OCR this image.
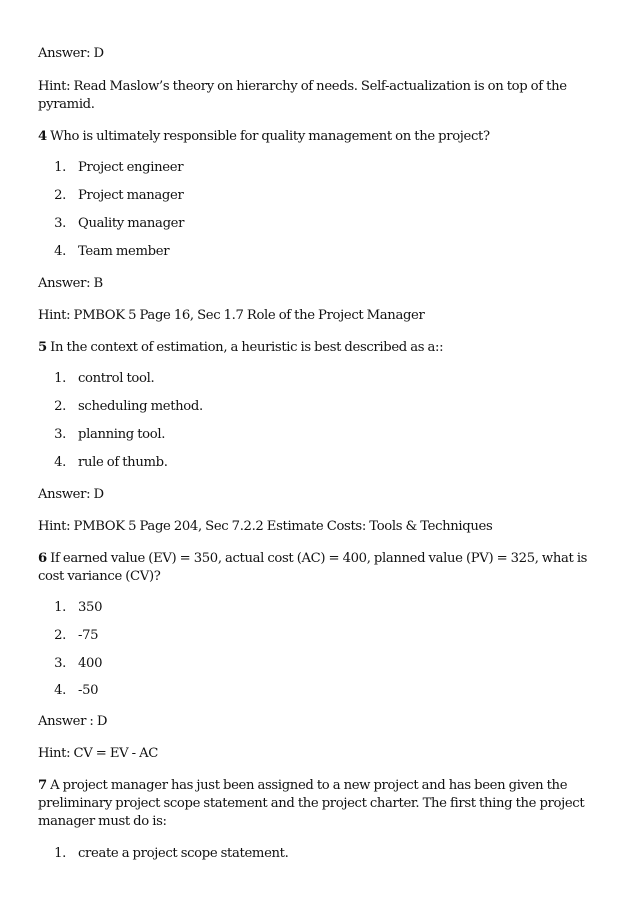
Answer: D
Hint: Read Maslow’s theory on hierarchy of needs. Self-actualization is on top of the
pyramid.
4 Who is ultimately responsible for quality management on the project?
1. Project engineer
2. Project manager
3. Quality manager
4. Team member
Answer: B
Hint: PMBOK 5 Page 16, Sec 1.7 Role of the Project Manager
5 In the context of estimation, a heuristic is best described as a::
1. control tool.
2. scheduling method.
3. planning tool.
4. rule of thumb.
Answer: D
Hint: PMBOK 5 Page 204, Sec 7.2.2 Estimate Costs: Tools & Techniques
6 If earned value (EV) = 350, actual cost (AC) = 400, planned value (PV) = 325, what is
cost variance (CV)?
1. 350
2. -75
3. 400
4. -50
Answer : D
Hint: CV = EV - AC
7 A project manager has just been assigned to a new project and has been given the
preliminary project scope statement and the project charter. The first thing the project
manager must do is:
1. create a project scope statement.
